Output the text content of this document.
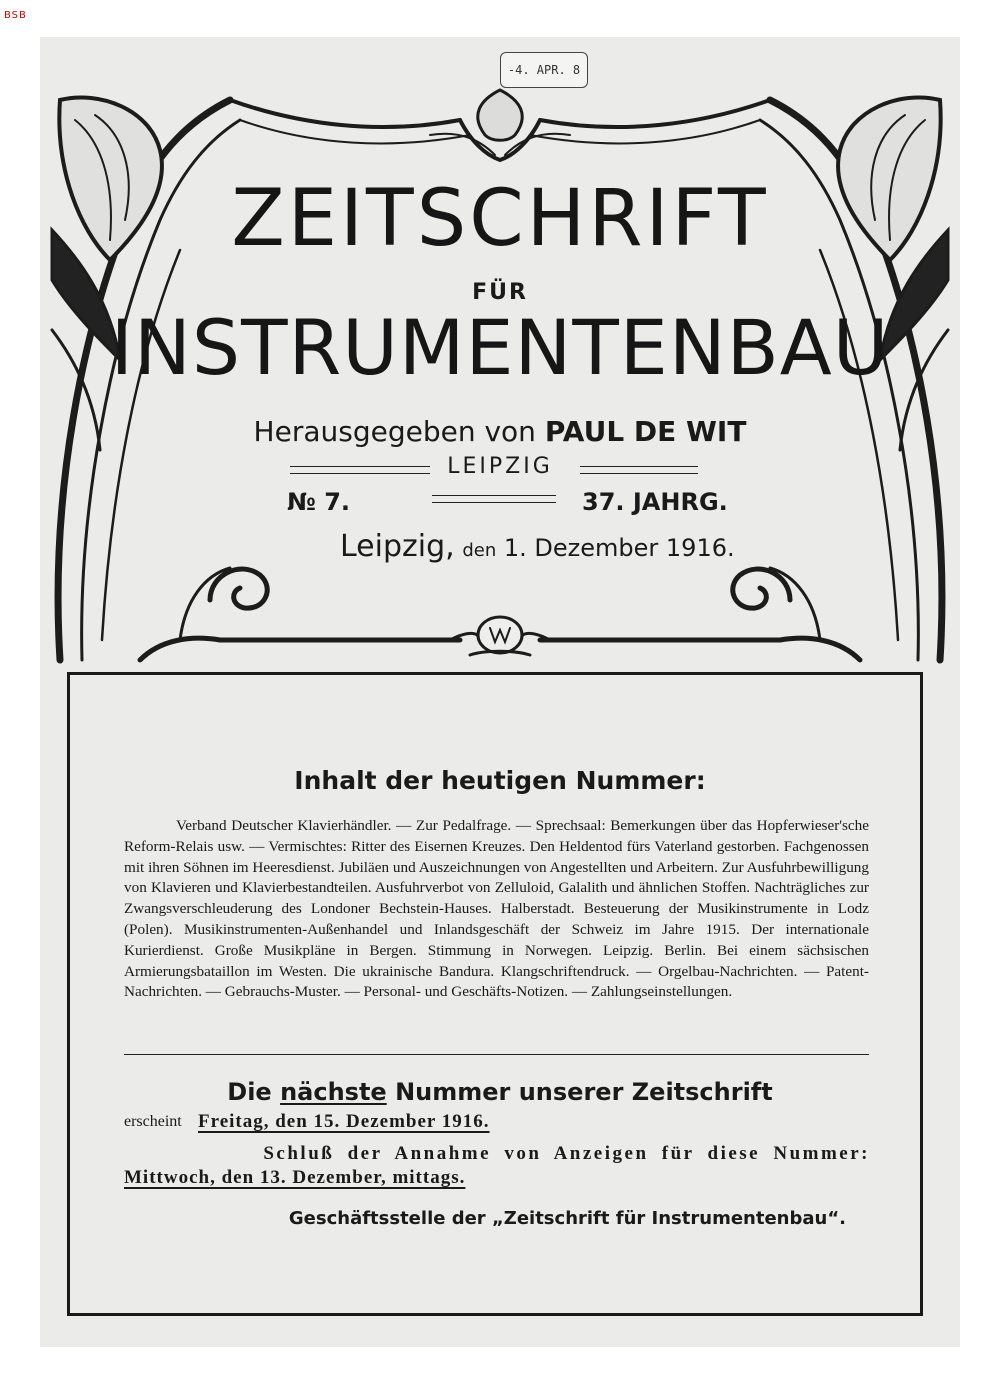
BSB
-4. APR. 8
ZEITSCHRIFT
FÜR
INSTRUMENTENBAU
Herausgegeben von PAUL DE WIT
LEIPZIG
№ 7.	37. JAHRG.
Leipzig, den 1. Dezember 1916.
Inhalt der heutigen Nummer:
Verband Deutscher Klavierhändler. — Zur Pedalfrage. — Sprechsaal: Bemerkungen über das Hopferwieser'sche Reform-Relais usw. — Vermischtes: Ritter des Eisernen Kreuzes. Den Heldentod fürs Vaterland gestorben. Fachgenossen mit ihren Söhnen im Heeresdienst. Jubiläen und Auszeichnungen von Angestellten und Arbeitern. Zur Ausfuhrbewilligung von Klavieren und Klavierbestandteilen. Ausfuhrverbot von Zelluloid, Galalith und ähnlichen Stoffen. Nachträgliches zur Zwangsverschleuderung des Londoner Bechstein-Hauses. Halberstadt. Besteuerung der Musikinstrumente in Lodz (Polen). Musikinstrumenten-Außenhandel und Inlandsgeschäft der Schweiz im Jahre 1915. Der internationale Kurierdienst. Große Musikpläne in Bergen. Stimmung in Norwegen. Leipzig. Berlin. Bei einem sächsischen Armierungsbataillon im Westen. Die ukrainische Bandura. Klangschriftendruck. — Orgelbau-Nachrichten. — Patent-Nachrichten. — Gebrauchs-Muster. — Personal- und Geschäfts-Notizen. — Zahlungseinstellungen.
Die nächste Nummer unserer Zeitschrift
erscheint Freitag, den 15. Dezember 1916.
Schluß der Annahme von Anzeigen für diese Nummer:
Mittwoch, den 13. Dezember, mittags.
Geschäftsstelle der „Zeitschrift für Instrumentenbau“.
